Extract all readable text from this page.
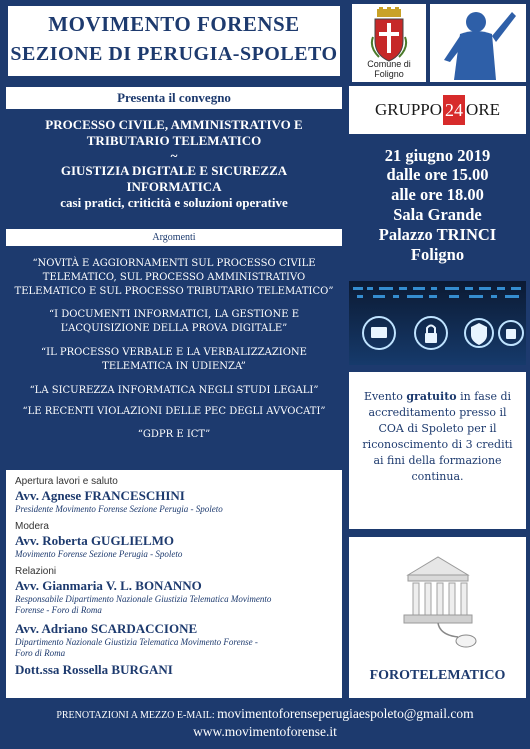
MOVIMENTO FORENSE
SEZIONE DI PERUGIA-SPOLETO	Comune di Foligno
GRUPPO 24 ORE
Presenta il convegno
PROCESSO CIVILE, AMMINISTRATIVO E
TRIBUTARIO TELEMATICO
~
GIUSTIZIA DIGITALE E SICUREZZA
INFORMATICA
casi pratici, criticità e soluzioni operative
Argomenti
“NOVITÀ E AGGIORNAMENTI SUL PROCESSO CIVILE
TELEMATICO, SUL PROCESSO AMMINISTRATIVO
TELEMATICO E SUL PROCESSO TRIBUTARIO TELEMATICO”
“I DOCUMENTI INFORMATICI, LA GESTIONE E
L’ACQUISIZIONE DELLA PROVA DIGITALE”
“IL PROCESSO VERBALE E LA VERBALIZZAZIONE
TELEMATICA IN UDIENZA”
“LA SICUREZZA INFORMATICA NEGLI STUDI LEGALI”
“LE RECENTI VIOLAZIONI DELLE PEC DEGLI AVVOCATI”
“GDPR E ICT”
21 giugno 2019
dalle ore 15.00
alle ore 18.00
Sala Grande
Palazzo TRINCI
Foligno
Evento gratuito in fase di accreditamento presso il COA di Spoleto per il riconoscimento di 3 crediti ai fini della formazione continua.
FOROTELEMATICO
Apertura lavori e saluto
Avv. Agnese FRANCESCHINI
Presidente Movimento Forense Sezione Perugia - Spoleto
Modera
Avv. Roberta GUGLIELMO
Movimento Forense Sezione Perugia - Spoleto
Relazioni
Avv. Gianmaria V. L. BONANNO
Responsabile Dipartimento Nazionale Giustizia Telematica Movimento
Forense - Foro di Roma
Avv. Adriano SCARDACCIONE
Dipartimento Nazionale Giustizia Telematica Movimento Forense -
Foro di Roma
Dott.ssa Rossella BURGANI
PRENOTAZIONI A MEZZO E-MAIL: movimentoforenseperugiaespoleto@gmail.com
www.movimentoforense.it
